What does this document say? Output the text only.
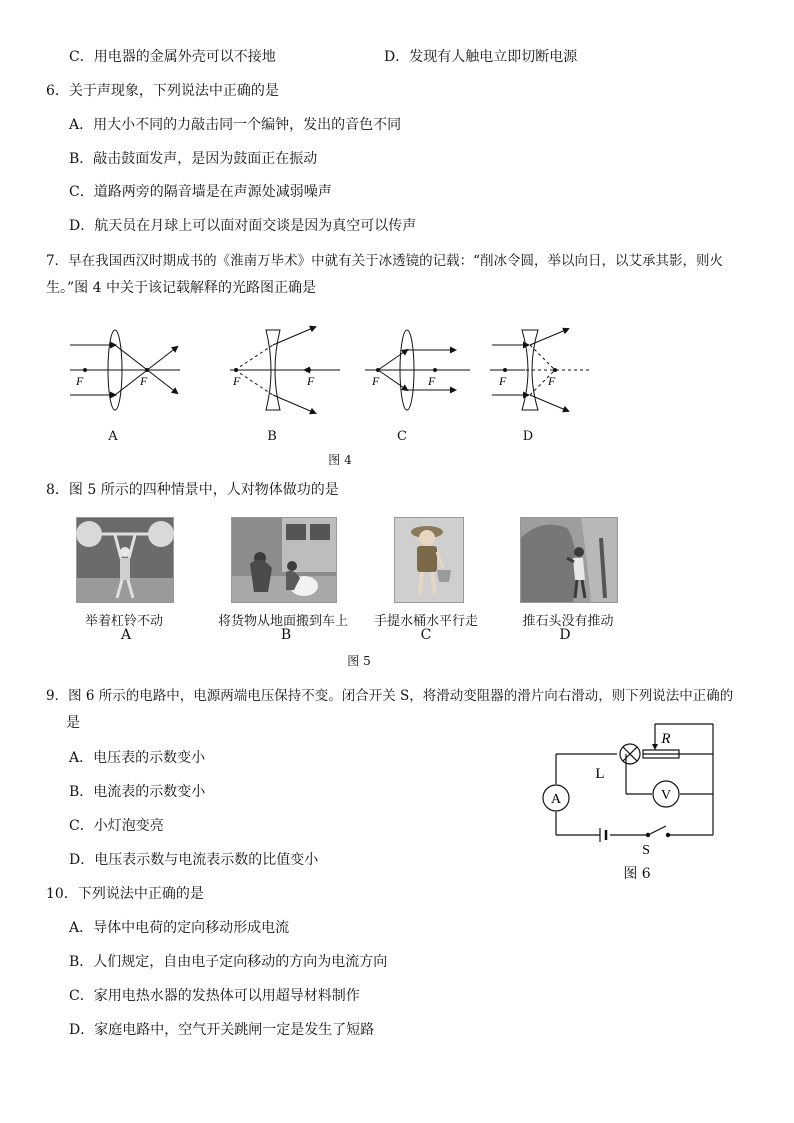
C．用电器的金属外壳可以不接地	D．发现有人触电立即切断电源
6．关于声现象，下列说法中正确的是
A．用大小不同的力敲击同一个编钟，发出的音色不同
B．敲击鼓面发声，是因为鼓面正在振动
C．道路两旁的隔音墙是在声源处减弱噪声
D．航天员在月球上可以面对面交谈是因为真空可以传声
7．早在我国西汉时期成书的《淮南万毕术》中就有关于冰透镜的记载：“削冰令圆，举以向日，以艾承其影，则火
生。”图 4 中关于该记载解释的光路图正确是
F	F	F	F	F	F	F	F
A	B	C	D
图 4
8．图 5 所示的四种情景中，人对物体做功的是
举着杠铃不动	将货物从地面搬到车上	手提水桶水平行走	推石头没有推动
A	B	C	D
图 5
9．图 6 所示的电路中，电源两端电压保持不变。闭合开关 S，将滑动变阻器的滑片向右滑动，则下列说法中正确的
是
A．电压表的示数变小
B．电流表的示数变小
C．小灯泡变亮
D．电压表示数与电流表示数的比值变小
R
L
V
A
S
图 6
10．下列说法中正确的是
A．导体中电荷的定向移动形成电流
B．人们规定，自由电子定向移动的方向为电流方向
C．家用电热水器的发热体可以用超导材料制作
D．家庭电路中，空气开关跳闸一定是发生了短路
